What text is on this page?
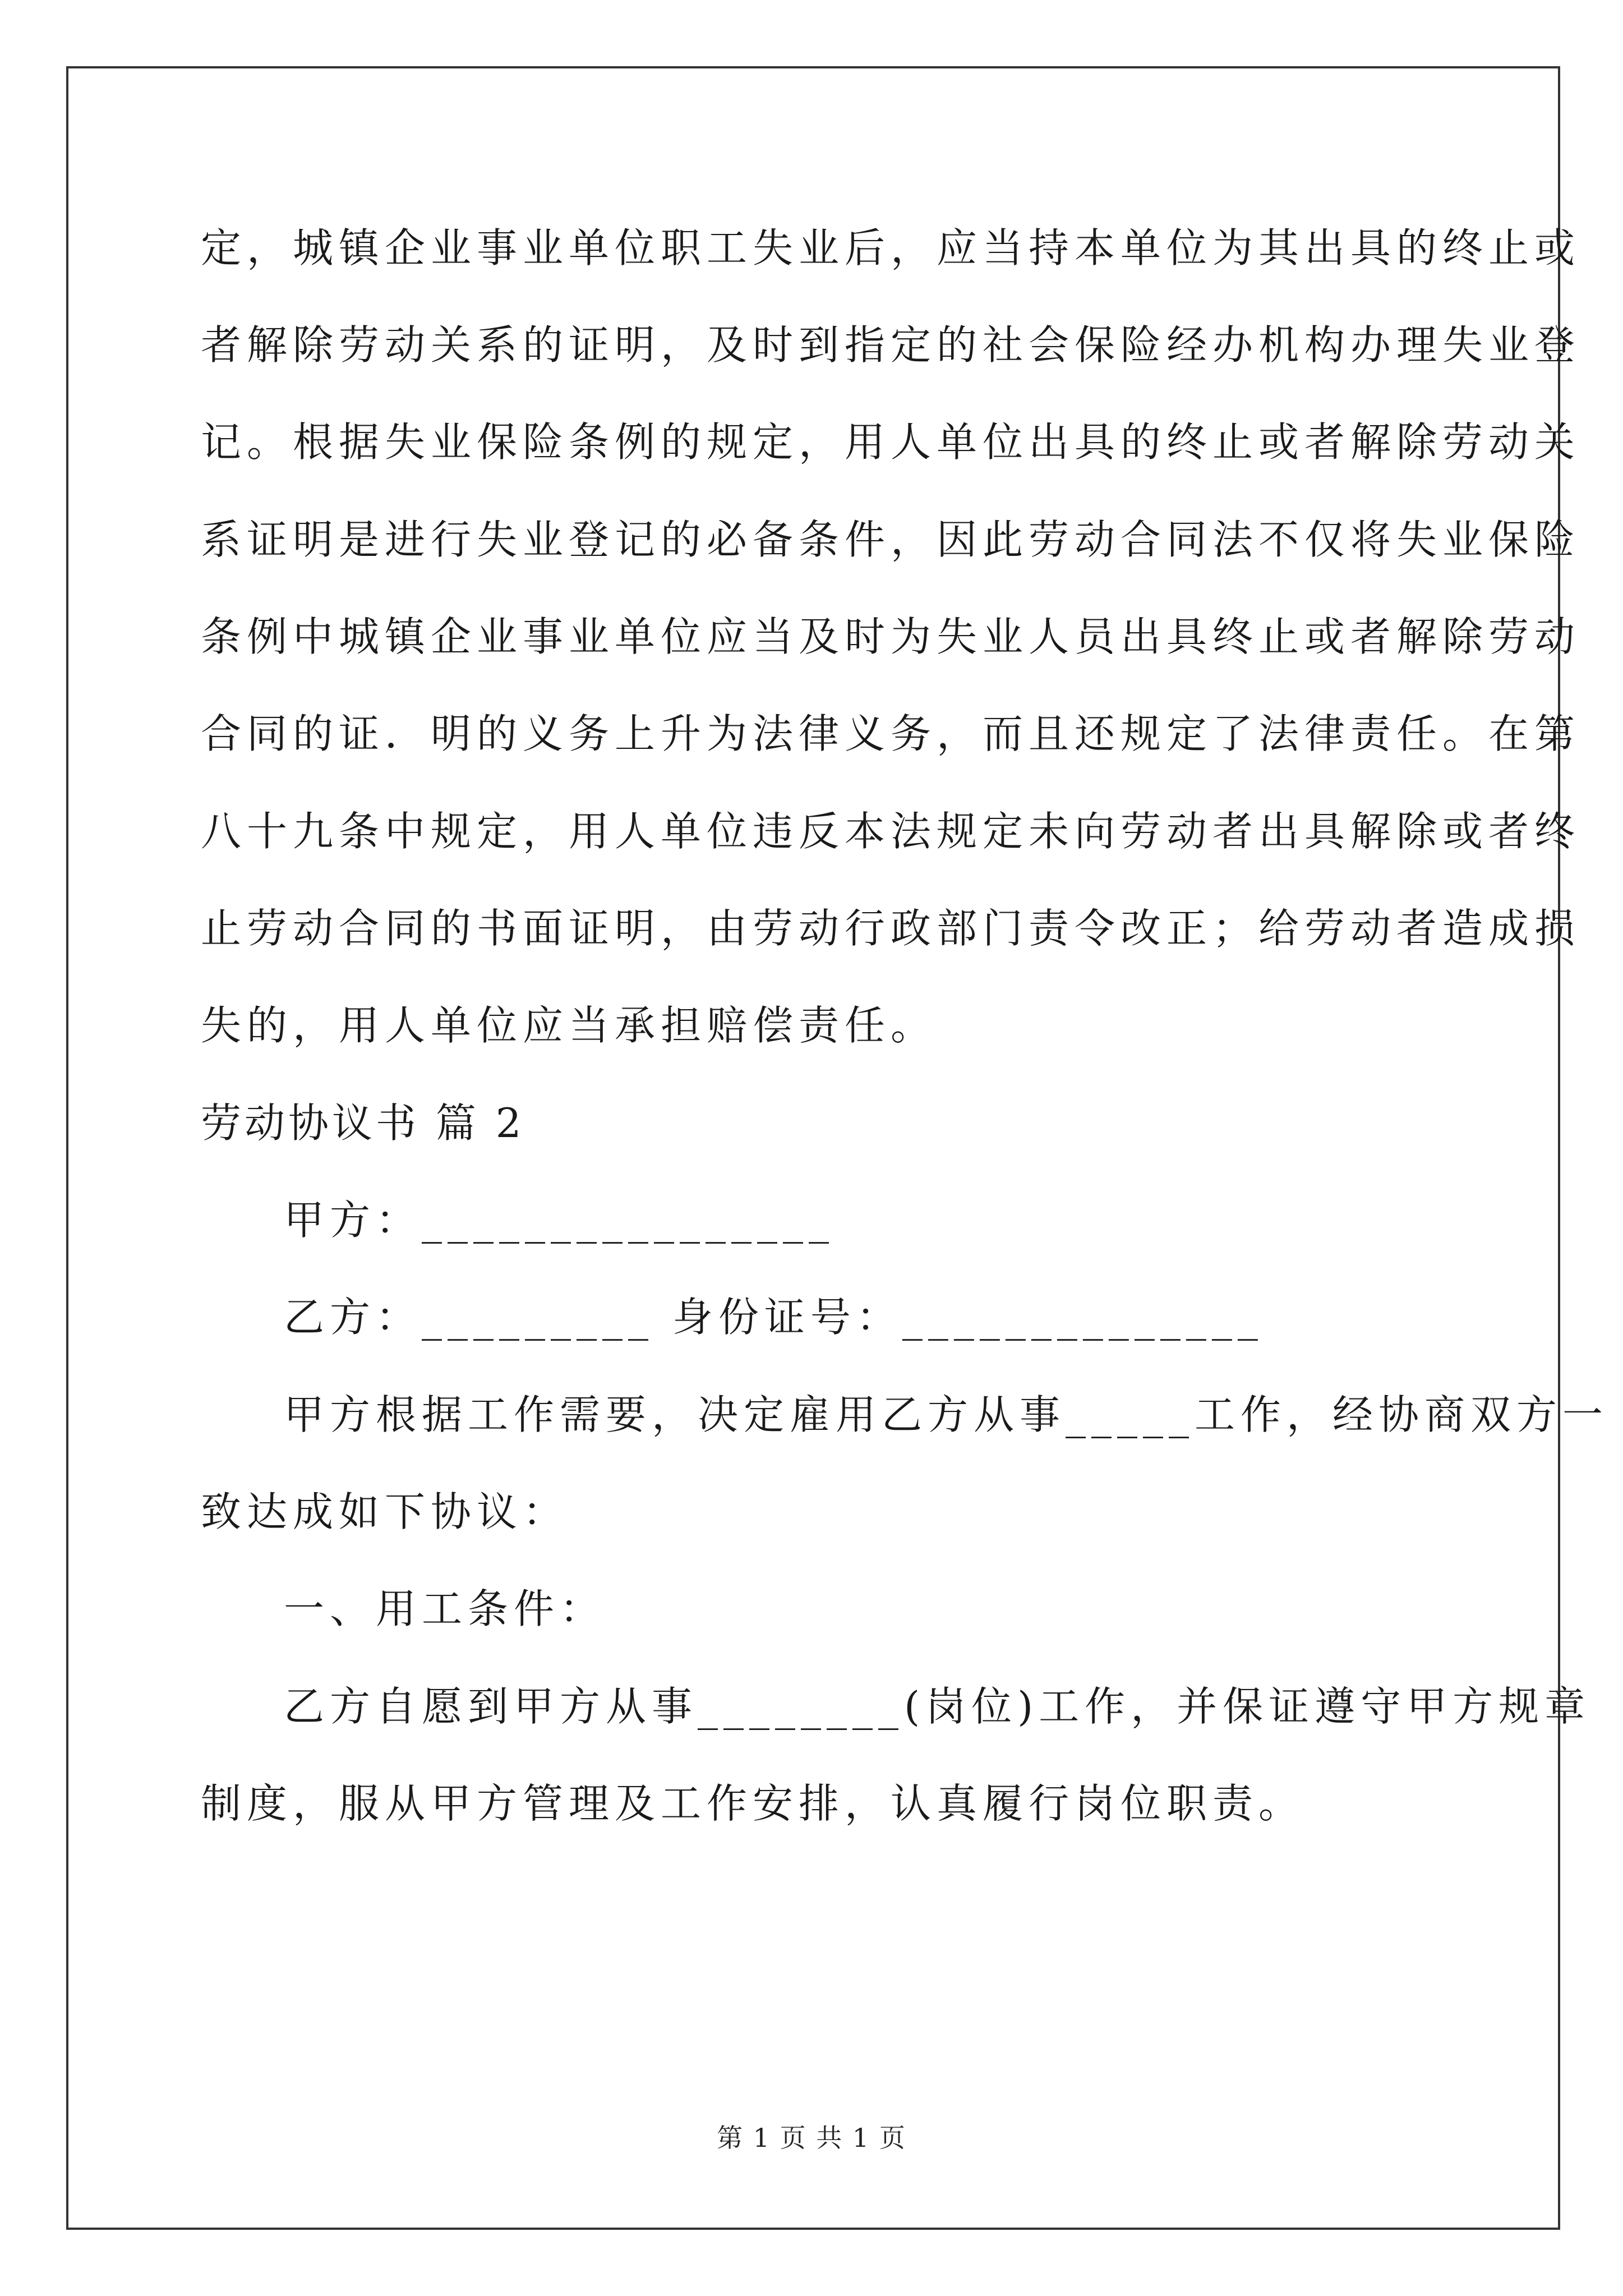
定，城镇企业事业单位职工失业后，应当持本单位为其出具的终止或
者解除劳动关系的证明，及时到指定的社会保险经办机构办理失业登
记。根据失业保险条例的规定，用人单位出具的终止或者解除劳动关
系证明是进行失业登记的必备条件，因此劳动合同法不仅将失业保险
条例中城镇企业事业单位应当及时为失业人员出具终止或者解除劳动
合同的证．明的义务上升为法律义务，而且还规定了法律责任。在第
八十九条中规定，用人单位违反本法规定未向劳动者出具解除或者终
止劳动合同的书面证明，由劳动行政部门责令改正；给劳动者造成损
失的，用人单位应当承担赔偿责任。
劳动协议书 篇 2
甲方：________________
乙方：_________ 身份证号：______________
甲方根据工作需要，决定雇用乙方从事_____工作，经协商双方一
致达成如下协议：
一、用工条件：
乙方自愿到甲方从事________(岗位)工作，并保证遵守甲方规章
制度，服从甲方管理及工作安排，认真履行岗位职责。
第 1 页 共 1 页
